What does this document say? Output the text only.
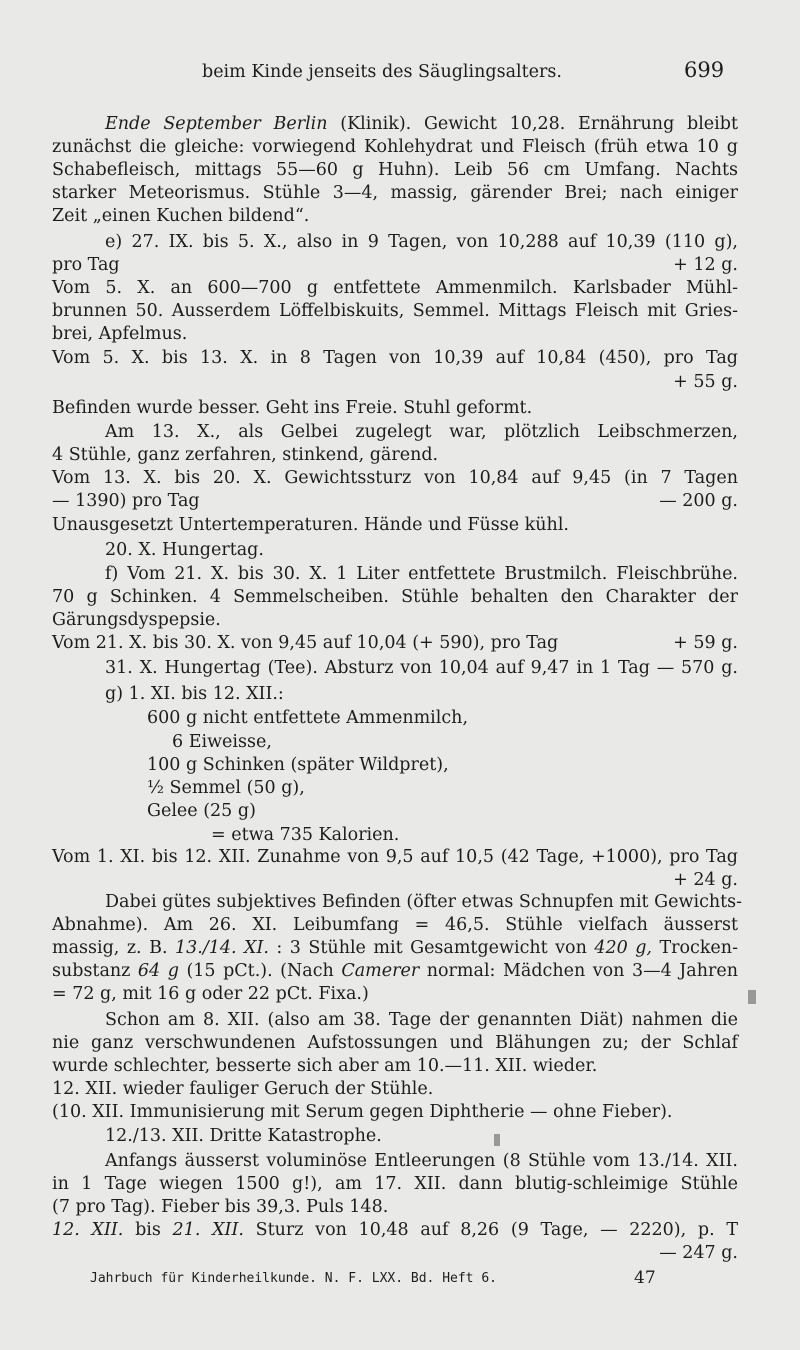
beim Kinde jenseits des Säuglingsalters.	699
Ende September Berlin (Klinik). Gewicht 10,28. Ernährung bleibt
zunächst die gleiche: vorwiegend Kohlehydrat und Fleisch (früh etwa 10 g
Schabefleisch, mittags 55—60 g Huhn). Leib 56 cm Umfang. Nachts
starker Meteorismus. Stühle 3—4, massig, gärender Brei; nach einiger
Zeit „einen Kuchen bildend“.
e) 27. IX. bis 5. X., also in 9 Tagen, von 10,288 auf 10,39 (110 g),
pro Tag	+ 12 g.
Vom 5. X. an 600—700 g entfettete Ammenmilch. Karlsbader Mühl-
brunnen 50. Ausserdem Löffelbiskuits, Semmel. Mittags Fleisch mit Gries-
brei, Apfelmus.
Vom 5. X. bis 13. X. in 8 Tagen von 10,39 auf 10,84 (450), pro Tag
+ 55 g.
Befinden wurde besser. Geht ins Freie. Stuhl geformt.
Am 13. X., als Gelbei zugelegt war, plötzlich Leibschmerzen,
4 Stühle, ganz zerfahren, stinkend, gärend.
Vom 13. X. bis 20. X. Gewichtssturz von 10,84 auf 9,45 (in 7 Tagen
— 1390) pro Tag	— 200 g.
Unausgesetzt Untertemperaturen. Hände und Füsse kühl.
20. X. Hungertag.
f) Vom 21. X. bis 30. X. 1 Liter entfettete Brustmilch. Fleischbrühe.
70 g Schinken. 4 Semmelscheiben. Stühle behalten den Charakter der
Gärungsdyspepsie.
Vom 21. X. bis 30. X. von 9,45 auf 10,04 (+ 590), pro Tag	+ 59 g.
31. X. Hungertag (Tee). Absturz von 10,04 auf 9,47 in 1 Tag — 570 g.
g) 1. XI. bis 12. XII.:
600 g nicht entfettete Ammenmilch,
6 Eiweisse,
100 g Schinken (später Wildpret),
½ Semmel (50 g),
Gelee (25 g)
= etwa 735 Kalorien.
Vom 1. XI. bis 12. XII. Zunahme von 9,5 auf 10,5 (42 Tage, +1000), pro Tag
+ 24 g.
Dabei gütes subjektives Befinden (öfter etwas Schnupfen mit Gewichts-
Abnahme). Am 26. XI. Leibumfang = 46,5. Stühle vielfach äusserst
massig, z. B. 13./14. XI. : 3 Stühle mit Gesamtgewicht von 420 g, Trocken-
substanz 64 g (15 pCt.). (Nach Camerer normal: Mädchen von 3—4 Jahren
= 72 g, mit 16 g oder 22 pCt. Fixa.)
Schon am 8. XII. (also am 38. Tage der genannten Diät) nahmen die
nie ganz verschwundenen Aufstossungen und Blähungen zu; der Schlaf
wurde schlechter, besserte sich aber am 10.—11. XII. wieder.
12. XII. wieder fauliger Geruch der Stühle.
(10. XII. Immunisierung mit Serum gegen Diphtherie — ohne Fieber).
12./13. XII. Dritte Katastrophe.
Anfangs äusserst voluminöse Entleerungen (8 Stühle vom 13./14. XII.
in 1 Tage wiegen 1500 g!), am 17. XII. dann blutig-schleimige Stühle
(7 pro Tag). Fieber bis 39,3. Puls 148.
12. XII. bis 21. XII. Sturz von 10,48 auf 8,26 (9 Tage, — 2220), p. T
— 247 g.
Jahrbuch für Kinderheilkunde. N. F. LXX. Bd. Heft 6.	47
